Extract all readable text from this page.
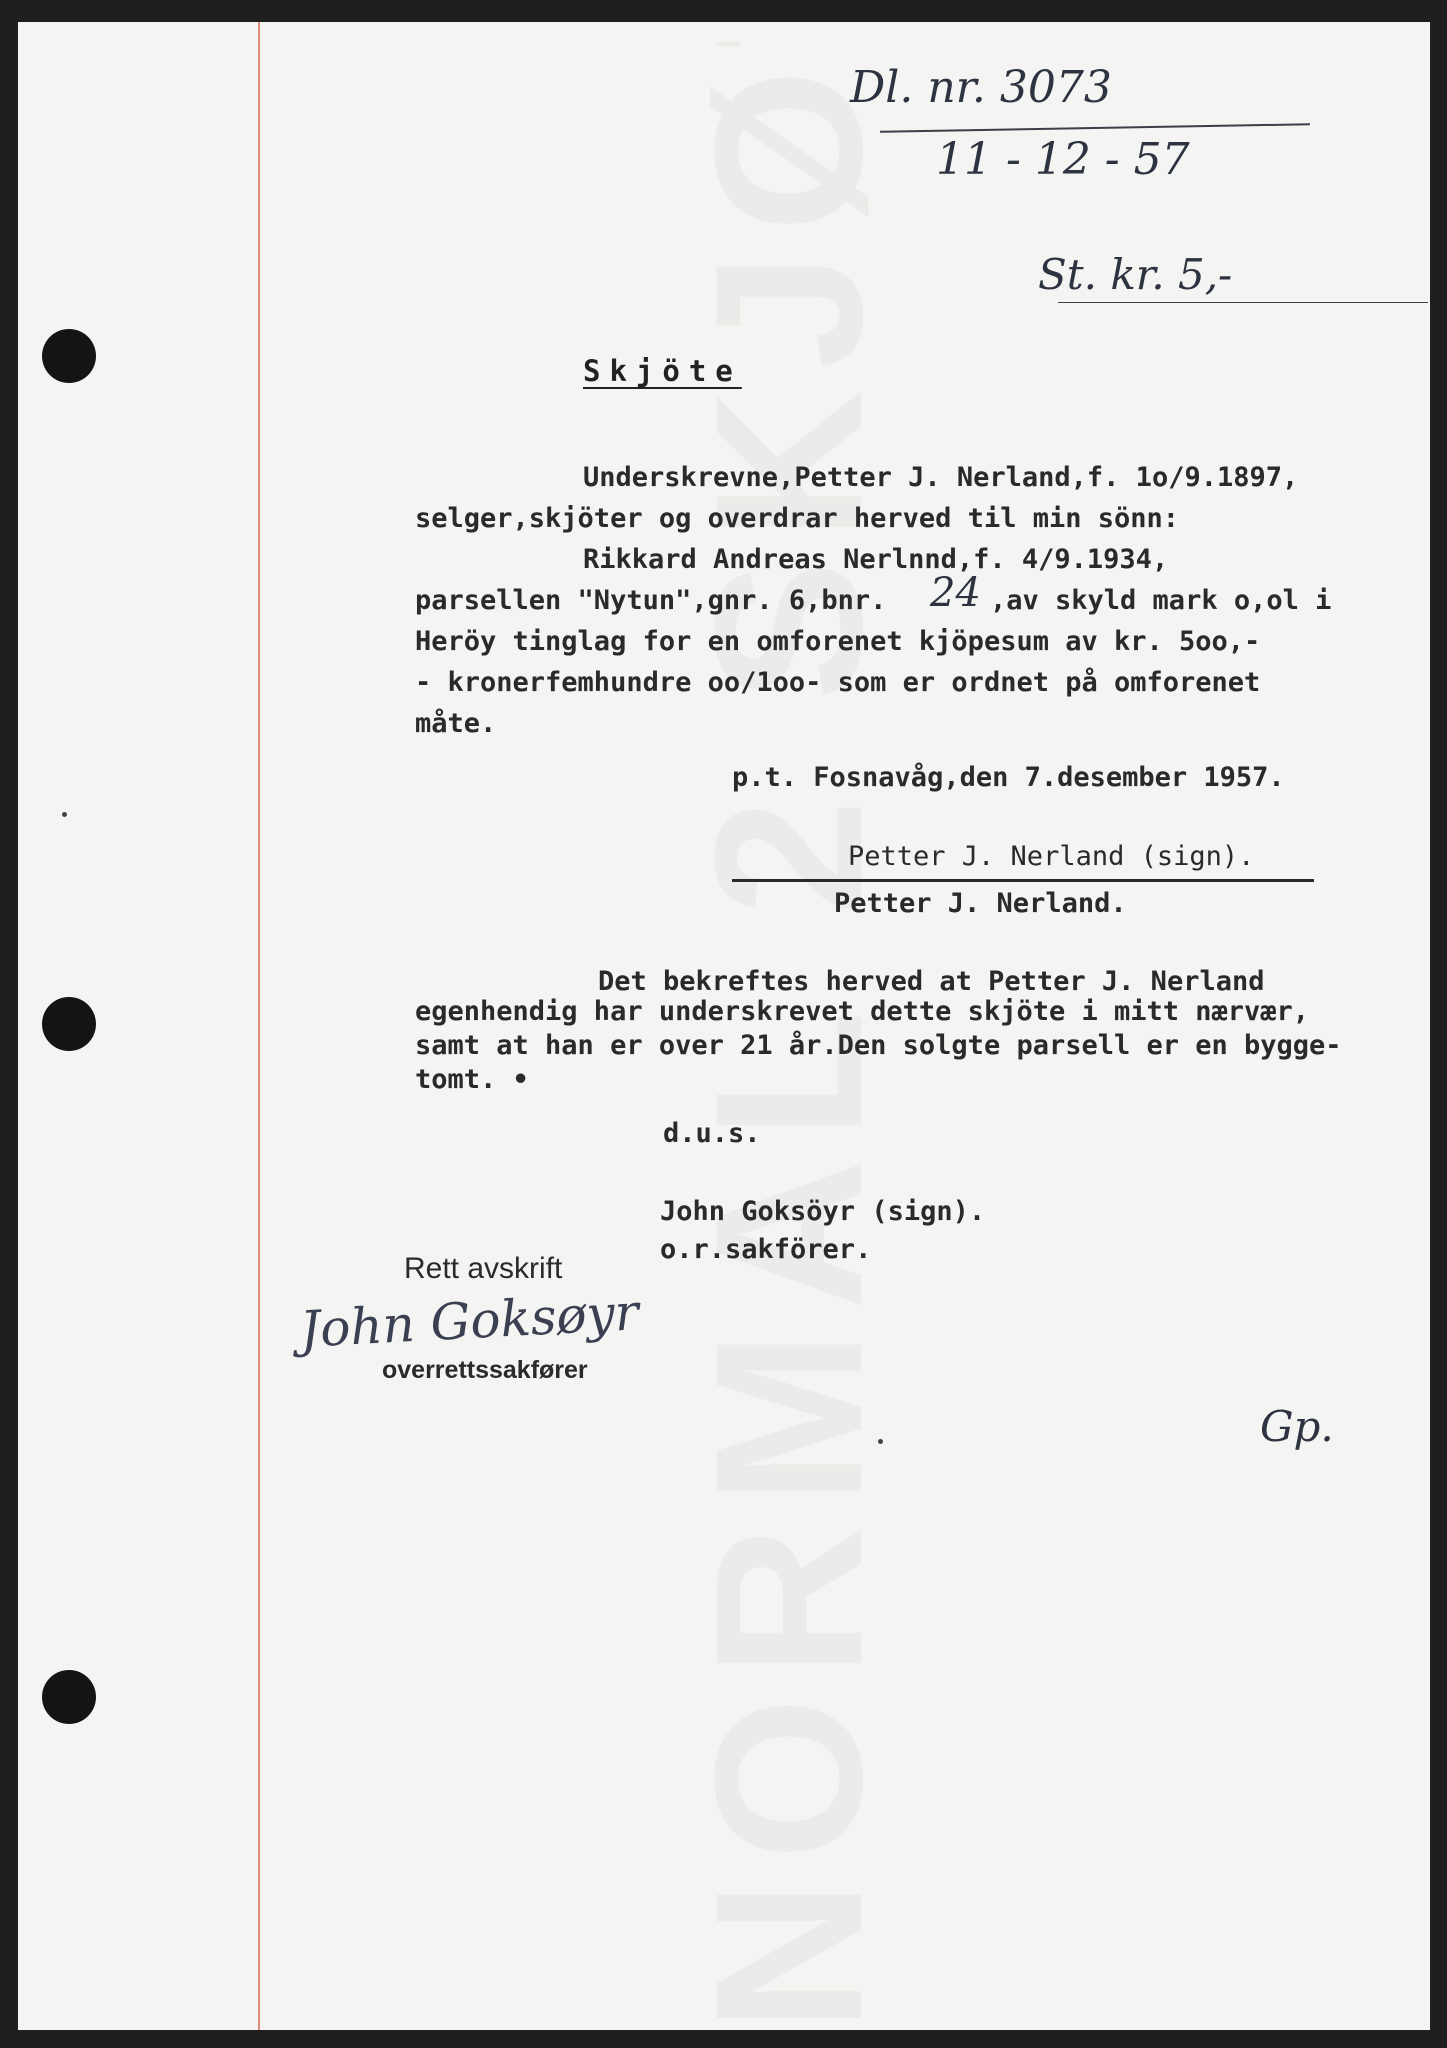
Dl. nr. 3073
11 - 12 - 57
St. kr. 5,-
Skjöte
Underskrevne,Petter J. Nerland,f. 1o/9.1897,
selger,skjöter og overdrar herved til min sönn:
Rikkard Andreas Nerlnnd,f. 4/9.1934,
parsellen "Nytun",gnr. 6,bnr. 24 ,av skyld mark o,ol i
Heröy tinglag for en omforenet kjöpesum av kr. 5oo,-
- kronerfemhundre oo/1oo- som er ordnet på omforenet
måte.
p.t. Fosnavåg,den 7.desember 1957.
Petter J. Nerland (sign).
Petter J. Nerland.
Det bekreftes herved at Petter J. Nerland
egenhendig har underskrevet dette skjöte i mitt nærvær,
samt at han er over 21 år.Den solgte parsell er en bygge-
tomt. •
d.u.s.
John Goksöyr (sign).
o.r.sakförer.
Rett avskrift
John Goksøyr
overrettssakfører
Gp.
